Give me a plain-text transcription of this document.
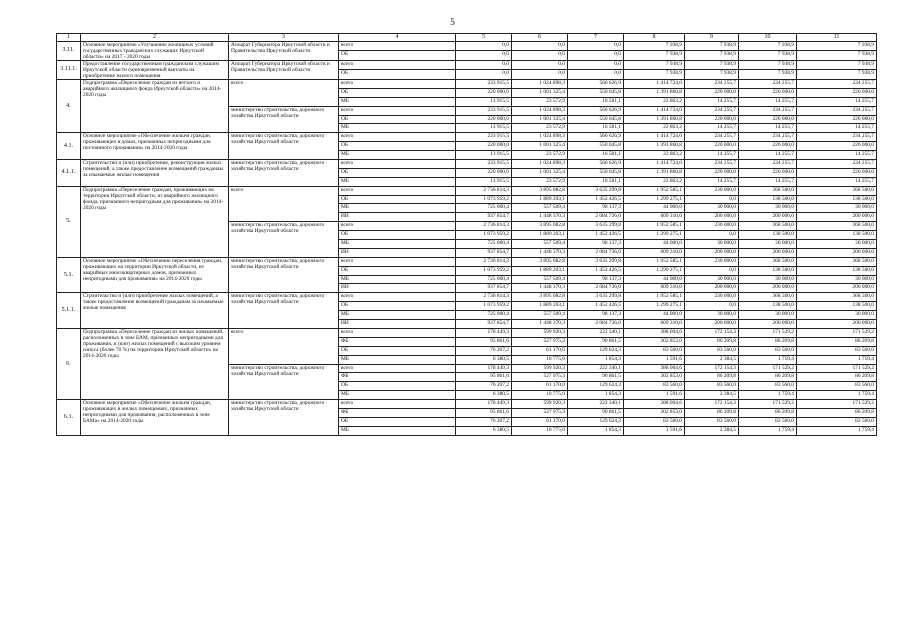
5
1	2	3	4	5	6	7	8	9	10	11
3.11.	Основное мероприятие «Улучшение жилищных условий государственных гражданских служащих Иркутской области» на 2017 - 2020 годы	Аппарат Губернатора Иркутской области и Правительства Иркутской области	всего	0,0	0,0	0,0	7 938,9	7 938,9	7 938,9	7 938,9
			ОБ	0,0	0,0	0,0	7 938,9	7 938,9	7 938,9	7 938,9
3.11.1.	Предоставление государственным гражданским служащим Иркутской области единовременной выплаты на приобретение жилого помещения	Аппарат Губернатора Иркутской области и Правительства Иркутской области	всего	0,0	0,0	0,0	7 938,9	7 938,9	7 938,9	7 938,9
			ОБ	0,0	0,0	0,0	7 938,9	7 938,9	7 938,9	7 938,9
4.	Подпрограмма «Переселение граждан из ветхого и аварийного жилищного фонда Иркутской области» на 2014-2020 годы	всего	всего	233 915,5	1 024 898,3	566 626,9	1 414 724,0	234 255,7	234 255,7	234 255,7
			ОБ	220 000,0	1 001 325,4	550 045,8	1 391 860,8	220 000,0	220 000,0	220 000,0
			МБ	13 915,5	23 572,9	16 581,1	22 863,2	14 255,7	14 255,7	14 255,7
		министерство строительства, дорожного хозяйства Иркутской области	всего	233 915,5	1 024 898,3	566 626,9	1 414 724,0	234 255,7	234 255,7	234 255,7
			ОБ	220 000,0	1 001 325,4	550 045,8	1 391 860,8	220 000,0	220 000,0	220 000,0
			МБ	13 915,5	23 572,9	16 581,1	22 863,2	14 255,7	14 255,7	14 255,7
4.1.	Основное мероприятие «Обеспечение жильем граждан, проживающих в домах, признанных непригодными для постоянного проживания» на 2014-2020 годы	министерство строительства, дорожного хозяйства Иркутской области	всего	233 915,5	1 024 898,3	566 626,9	1 414 724,0	234 255,7	234 255,7	234 255,7
			ОБ	220 000,0	1 001 325,4	550 045,8	1 391 860,8	220 000,0	220 000,0	220 000,0
			МБ	13 915,5	23 572,9	16 581,1	22 863,2	14 255,7	14 255,7	14 255,7
4.1.1.	Строительство и (или) приобретение, реконструкция жилых помещений, а также предоставление возмещений гражданам за изымаемые жилые помещения	министерство строительства, дорожного хозяйства Иркутской области	всего	233 915,5	1 024 898,3	566 626,9	1 414 724,0	234 255,7	234 255,7	234 255,7
			ОБ	220 000,0	1 001 325,4	550 045,8	1 391 860,8	220 000,0	220 000,0	220 000,0
			МБ	13 915,5	23 572,9	16 581,1	22 863,2	14 255,7	14 255,7	14 255,7
5.	Подпрограмма «Переселение граждан, проживающих на территории Иркутской области, из аварийного жилищного фонда, признанного непригодным для проживания» на 2014-2020 годы	всего	всего	2 736 814,3	3 895 082,8	3 635 299,8	1 952 585,1	230 000,0	368 500,0	368 500,0
			ОБ	1 073 959,2	1 889 203,1	1 452 426,5	1 299 275,1	0,0	138 500,0	138 500,0
			МБ	725 000,4	557 509,4	98 137,3	44 000,0	30 000,0	30 000,0	30 000,0
			ИИ	937 854,7	1 448 370,3	2 084 736,0	609 310,0	200 000,0	200 000,0	200 000,0
		министерство строительства, дорожного хозяйства Иркутской области	всего	2 736 814,3	3 895 082,8	3 635 299,8	1 952 585,1	230 000,0	368 500,0	368 500,0
			ОБ	1 073 959,2	1 889 203,1	1 452 426,5	1 299 275,1	0,0	138 500,0	138 500,0
			МБ	725 000,4	557 509,4	98 137,3	44 000,0	30 000,0	30 000,0	30 000,0
			ИИ	937 854,7	1 448 370,3	2 084 736,0	609 310,0	200 000,0	200 000,0	200 000,0
5.1.	Основное мероприятие «Обеспечение переселения граждан, проживающих на территории Иркутской области, из аварийных многоквартирных домов, признанных непригодными для проживания» на 2014-2020 годы	министерство строительства, дорожного хозяйства Иркутской области	всего	2 736 814,3	3 895 082,8	3 635 299,8	1 952 585,1	230 000,0	368 500,0	368 500,0
			ОБ	1 073 959,2	1 889 203,1	1 452 426,5	1 299 275,1	0,0	138 500,0	138 500,0
			МБ	725 000,4	557 509,4	98 137,3	44 000,0	30 000,0	30 000,0	30 000,0
			ИИ	937 854,7	1 448 370,3	2 084 736,0	609 310,0	200 000,0	200 000,0	200 000,0
5.1.1.	Строительство и (или) приобретение жилых помещений, а также предоставление возмещений гражданам за изымаемые жилые помещения	министерство строительства, дорожного хозяйства Иркутской области	всего	2 736 814,3	3 895 082,8	3 635 299,8	1 952 585,1	230 000,0	368 500,0	368 500,0
			ОБ	1 073 959,2	1 889 203,1	1 452 426,5	1 299 275,1	0,0	138 500,0	138 500,0
			МБ	725 000,4	557 509,4	98 137,3	44 000,0	30 000,0	30 000,0	30 000,0
			ИИ	937 854,7	1 448 370,3	2 084 736,0	609 310,0	200 000,0	200 000,0	200 000,0
6.	Подпрограмма «Переселение граждан из жилых помещений, расположенных в зоне БАМ, признанных непригодными для проживания, и (или) жилых помещений с высоким уровнем износа (более 70 %) на территории Иркутской области» на 2014-2020 годы	всего	всего	178 449,3	599 920,3	222 340,1	388 004,6	172 154,3	171 529,2	171 529,2
			ФБ	95 861,6	527 975,3	90 861,5	302 853,0	86 209,8	86 209,8	86 209,8
			ОБ	76 207,2	61 170,0	129 624,3	83 560,0	83 560,0	83 560,0	83 560,0
			МБ	6 380,5	10 775,0	1 854,3	1 591,6	2 384,5	1 759,4	1 759,4
		министерство строительства, дорожного хозяйства Иркутской области	всего	178 449,3	599 920,3	222 340,1	388 004,6	172 154,3	171 529,2	171 529,2
			ФБ	95 861,6	527 975,3	90 861,5	302 853,0	86 209,8	86 209,8	86 209,8
			ОБ	76 207,2	61 170,0	129 624,3	83 560,0	83 560,0	83 560,0	83 560,0
			МБ	6 380,5	10 775,0	1 854,3	1 591,6	2 384,5	1 759,4	1 759,4
6.1.	Основное мероприятие «Обеспечение жильем граждан, проживающих в жилых помещениях, признанных непригодными для проживания, расположенных в зоне БАМа» на 2014-2020 годы	министерство строительства, дорожного хозяйства Иркутской области	всего	178 449,3	599 920,3	222 340,1	388 004,6	172 154,3	171 529,2	171 529,2
			ФБ	95 861,6	527 975,3	90 861,5	302 853,0	86 209,8	86 209,8	86 209,8
			ОБ	76 207,2	61 170,0	129 624,3	83 560,0	83 560,0	83 560,0	83 560,0
			МБ	6 380,5	10 775,0	1 854,3	1 591,6	2 384,5	1 759,4	1 759,4
